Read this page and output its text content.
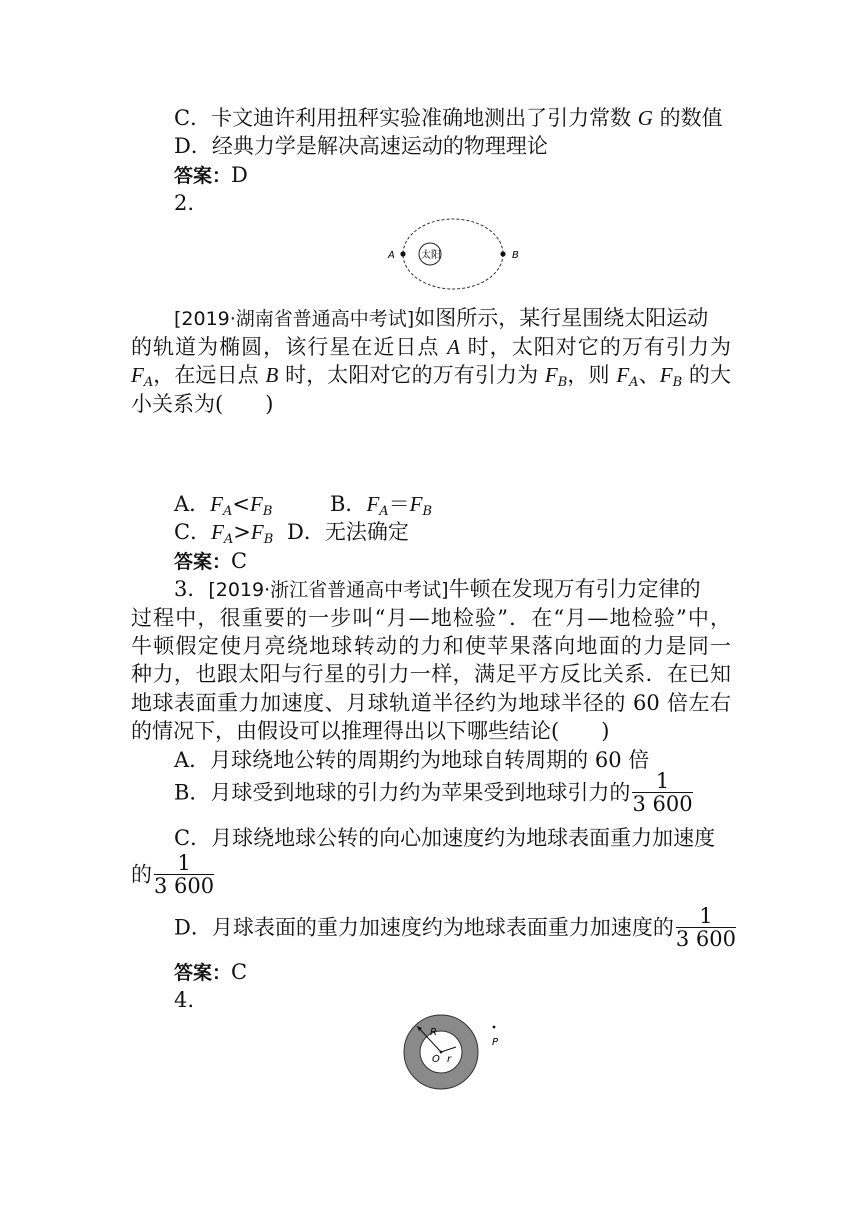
C．卡文迪许利用扭秤实验准确地测出了引力常数 G 的数值
D．经典力学是解决高速运动的物理理论
答案：D
2.
A	B
太阳
[2019·湖南省普通高中考试]如图所示，某行星围绕太阳运动
的轨道为椭圆，该行星在近日点 A 时，太阳对它的万有引力为
$F_A$，在远日点 B 时，太阳对它的万有引力为 $F_B$，则 $F_A$、$F_B$ 的大
小关系为(　　)
A．$F_A<F_B$	B．$F_A=F_B$
C．$F_A>F_B$ D．无法确定
答案：C
3．[2019·浙江省普通高中考试]牛顿在发现万有引力定律的
过程中，很重要的一步叫“月—地检验”．在“月—地检验”中，
牛顿假定使月亮绕地球转动的力和使苹果落向地面的力是同一
种力，也跟太阳与行星的引力一样，满足平方反比关系．在已知
地球表面重力加速度、月球轨道半径约为地球半径的 60 倍左右
的情况下，由假设可以推理得出以下哪些结论(　　)
A．月球绕地公转的周期约为地球自转周期的 60 倍
B．月球受到地球的引力约为苹果受到地球引力的 $\frac{1}{3 600}$
C．月球绕地球公转的向心加速度约为地球表面重力加速度
的 $\frac{1}{3 600}$
D．月球表面的重力加速度约为地球表面重力加速度的 $\frac{1}{3 600}$
答案：C
4.
R
O r
P
